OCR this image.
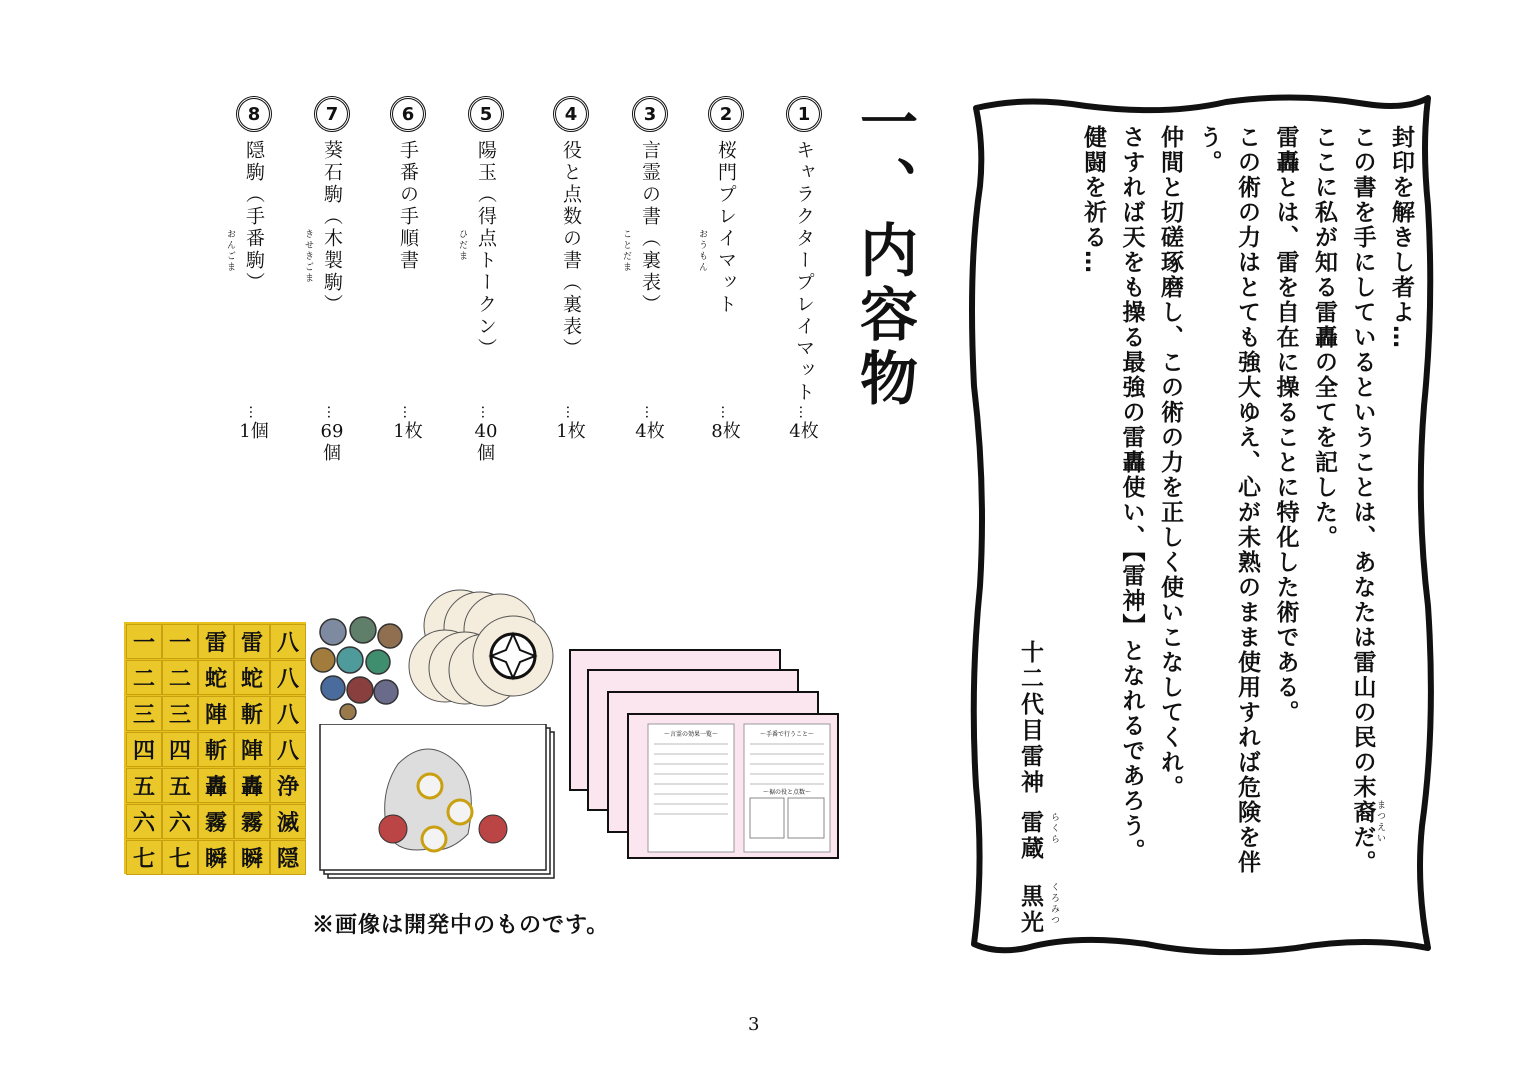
一、内容物
1
キャラクタープレイマット
…
4枚
2
桜門プレイマット
おうもん
…
8枚
3
言霊の書（裏表）
ことだま
…
4枚
4
役と点数の書（裏表）
…
1枚
5
陽玉（得点トークン）
ひだま
…
40個
6
手番の手順書
…
1枚
7
葵石駒（木製駒）
きせきごま
…
69個
8
隠駒（手番駒）
おんごま
…
1個

封印を解きし者よ…

この書を手にしているということは、あなたは雷山の民の末裔だ。

ここに私が知る雷轟の全てを記した。

雷轟とは、雷を自在に操ることに特化した術である。

この術の力はとても強大ゆえ、心が未熟のまま使用すれば危険を伴う。

仲間と切磋琢磨し、この術の力を正しく使いこなしてくれ。

さすれば天をも操る最強の雷轟使い、【雷神】となれるであろう。

健闘を祈る…

まつえい
十二代目雷神
雷蔵 らくら
黒光 くろみつ
一 一 雷 雷 八
二 二 蛇 蛇 八
三 三 陣 斬 八
四 四 斬 陣 八
五 五 轟 轟 浄
六 六 霧 霧 滅
七 七 瞬 瞬 隠
〜言霊の効果一覧〜	〜手番で行うこと〜
〜裾の役と点数〜
※画像は開発中のものです。
3
